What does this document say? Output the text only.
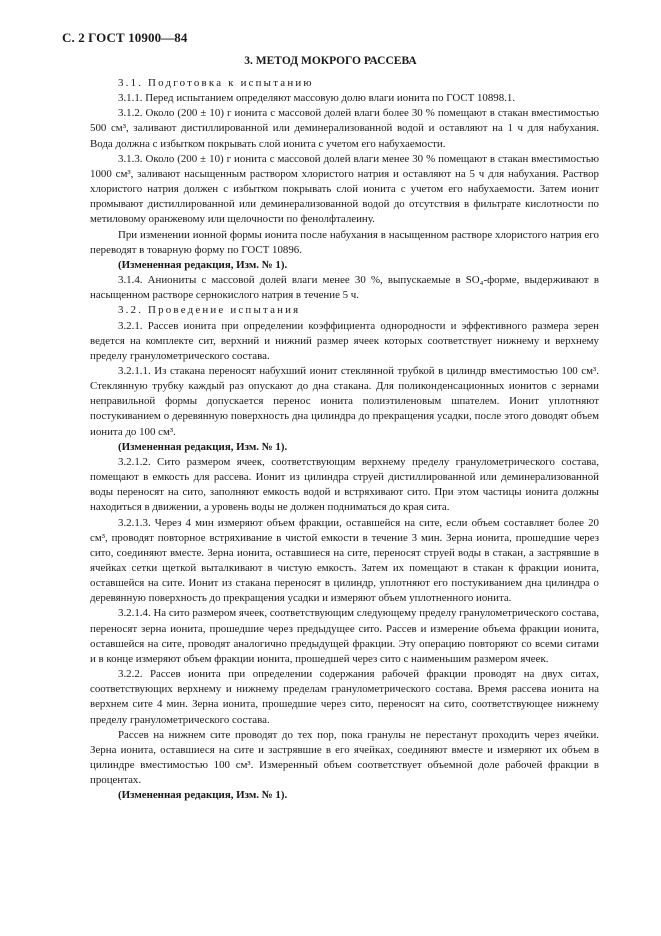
С. 2 ГОСТ 10900—84
3. МЕТОД МОКРОГО РАССЕВА

3.1. Подготовка к испытанию

3.1.1. Перед испытанием определяют массовую долю влаги ионита по ГОСТ 10898.1.

3.1.2. Около (200 ± 10) г ионита с массовой долей влаги более 30 % помещают в стакан вместимостью 500 см³, заливают дистиллированной или деминерализованной водой и оставляют на 1 ч для набухания. Вода должна с избытком покрывать слой ионита с учетом его набухаемости.

3.1.3. Около (200 ± 10) г ионита с массовой долей влаги менее 30 % помещают в стакан вместимостью 1000 см³, заливают насыщенным раствором хлористого натрия и оставляют на 5 ч для набухания. Раствор хлористого натрия должен с избытком покрывать слой ионита с учетом его набухаемости. Затем ионит промывают дистиллированной или деминерализованной водой до отсутствия в фильтрате кислотности по метиловому оранжевому или щелочности по фенолфталеину.

При изменении ионной формы ионита после набухания в насыщенном растворе хлористого натрия его переводят в товарную форму по ГОСТ 10896.

(Измененная редакция, Изм. № 1).

3.1.4. Аниониты с массовой долей влаги менее 30 %, выпускаемые в SO₄-форме, выдерживают в насыщенном растворе сернокислого натрия в течение 5 ч.

3.2. Проведение испытания

3.2.1. Рассев ионита при определении коэффициента однородности и эффективного размера зерен ведется на комплекте сит, верхний и нижний размер ячеек которых соответствует нижнему и верхнему пределу гранулометрического состава.

3.2.1.1. Из стакана переносят набухший ионит стеклянной трубкой в цилиндр вместимостью 100 см³. Стеклянную трубку каждый раз опускают до дна стакана. Для поликонденсационных ионитов с зернами неправильной формы допускается перенос ионита полиэтиленовым шпателем. Ионит уплотняют постукиванием о деревянную поверхность дна цилиндра до прекращения усадки, после этого доводят объем ионита до 100 см³.

(Измененная редакция, Изм. № 1).

3.2.1.2. Сито размером ячеек, соответствующим верхнему пределу гранулометрического состава, помещают в емкость для рассева. Ионит из цилиндра струей дистиллированной или деминерализованной воды переносят на сито, заполняют емкость водой и встряхивают сито. При этом частицы ионита должны находиться в движении, а уровень воды не должен подниматься до края сита.

3.2.1.3. Через 4 мин измеряют объем фракции, оставшейся на сите, если объем составляет более 20 см³, проводят повторное встряхивание в чистой емкости в течение 3 мин. Зерна ионита, прошедшие через сито, соединяют вместе. Зерна ионита, оставшиеся на сите, переносят струей воды в стакан, а застрявшие в ячейках сетки щеткой выталкивают в чистую емкость. Затем их помещают в стакан к фракции ионита, оставшейся на сите. Ионит из стакана переносят в цилиндр, уплотняют его постукиванием дна цилиндра о деревянную поверхность до прекращения усадки и измеряют объем уплотненного ионита.

3.2.1.4. На сито размером ячеек, соответствующим следующему пределу гранулометрического состава, переносят зерна ионита, прошедшие через предыдущее сито. Рассев и измерение объема фракции ионита, оставшейся на сите, проводят аналогично предыдущей фракции. Эту операцию повторяют со всеми ситами и в конце измеряют объем фракции ионита, прошедшей через сито с наименьшим размером ячеек.

3.2.2. Рассев ионита при определении содержания рабочей фракции проводят на двух ситах, соответствующих верхнему и нижнему пределам гранулометрического состава. Время рассева ионита на верхнем сите 4 мин. Зерна ионита, прошедшие через сито, переносят на сито, соответствующее нижнему пределу гранулометрического состава.

Рассев на нижнем сите проводят до тех пор, пока гранулы не перестанут проходить через ячейки. Зерна ионита, оставшиеся на сите и застрявшие в его ячейках, соединяют вместе и измеряют их объем в цилиндре вместимостью 100 см³. Измеренный объем соответствует объемной доле рабочей фракции в процентах.

(Измененная редакция, Изм. № 1).
